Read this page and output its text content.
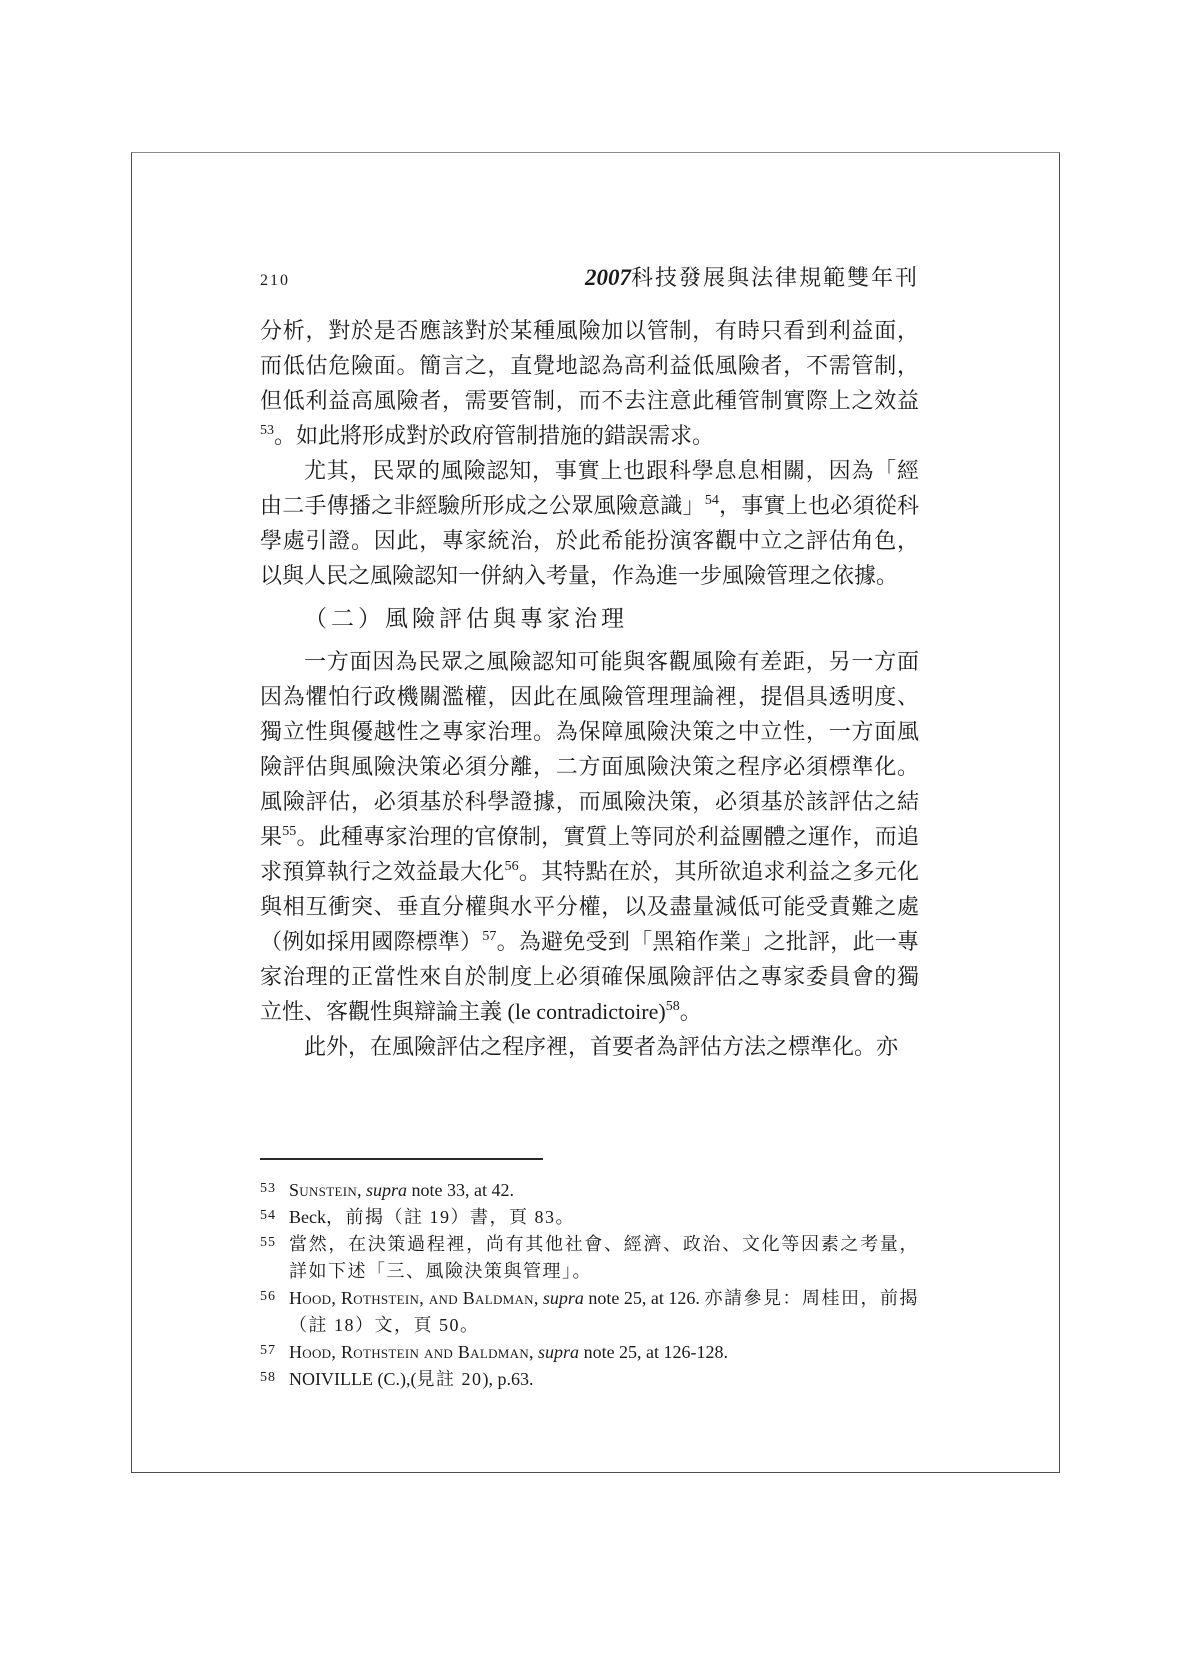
210	2007科技發展與法律規範雙年刊

分析，對於是否應該對於某種風險加以管制，有時只看到利益面，而低估危險面。簡言之，直覺地認為高利益低風險者，不需管制，但低利益高風險者，需要管制，而不去注意此種管制實際上之效益$^{53}$。如此將形成對於政府管制措施的錯誤需求。

尤其，民眾的風險認知，事實上也跟科學息息相關，因為「經由二手傳播之非經驗所形成之公眾風險意識」$^{54}$，事實上也必須從科學處引證。因此，專家統治，於此希能扮演客觀中立之評估角色，以與人民之風險認知一併納入考量，作為進一步風險管理之依據。

（二）風險評估與專家治理

一方面因為民眾之風險認知可能與客觀風險有差距，另一方面因為懼怕行政機關濫權，因此在風險管理理論裡，提倡具透明度、獨立性與優越性之專家治理。為保障風險決策之中立性，一方面風險評估與風險決策必須分離，二方面風險決策之程序必須標準化。風險評估，必須基於科學證據，而風險決策，必須基於該評估之結果$^{55}$。此種專家治理的官僚制，實質上等同於利益團體之運作，而追求預算執行之效益最大化$^{56}$。其特點在於，其所欲追求利益之多元化與相互衝突、垂直分權與水平分權，以及盡量減低可能受責難之處（例如採用國際標準）$^{57}$。為避免受到「黑箱作業」之批評，此一專家治理的正當性來自於制度上必須確保風險評估之專家委員會的獨立性、客觀性與辯論主義 (le contradictoire)$^{58}$。

此外，在風險評估之程序裡，首要者為評估方法之標準化。亦

53 Sunstein, supra note 33, at 42.
54 Beck，前揭（註 19）書，頁 83。
55 當然，在決策過程裡，尚有其他社會、經濟、政治、文化等因素之考量，詳如下述「三、風險決策與管理」。
56 Hood, Rothstein, and Baldman, supra note 25, at 126. 亦請參見：周桂田，前揭（註 18）文，頁 50。
57 Hood, Rothstein and Baldman, supra note 25, at 126-128.
58 NOIVILLE (C.),(見註 20), p.63.
